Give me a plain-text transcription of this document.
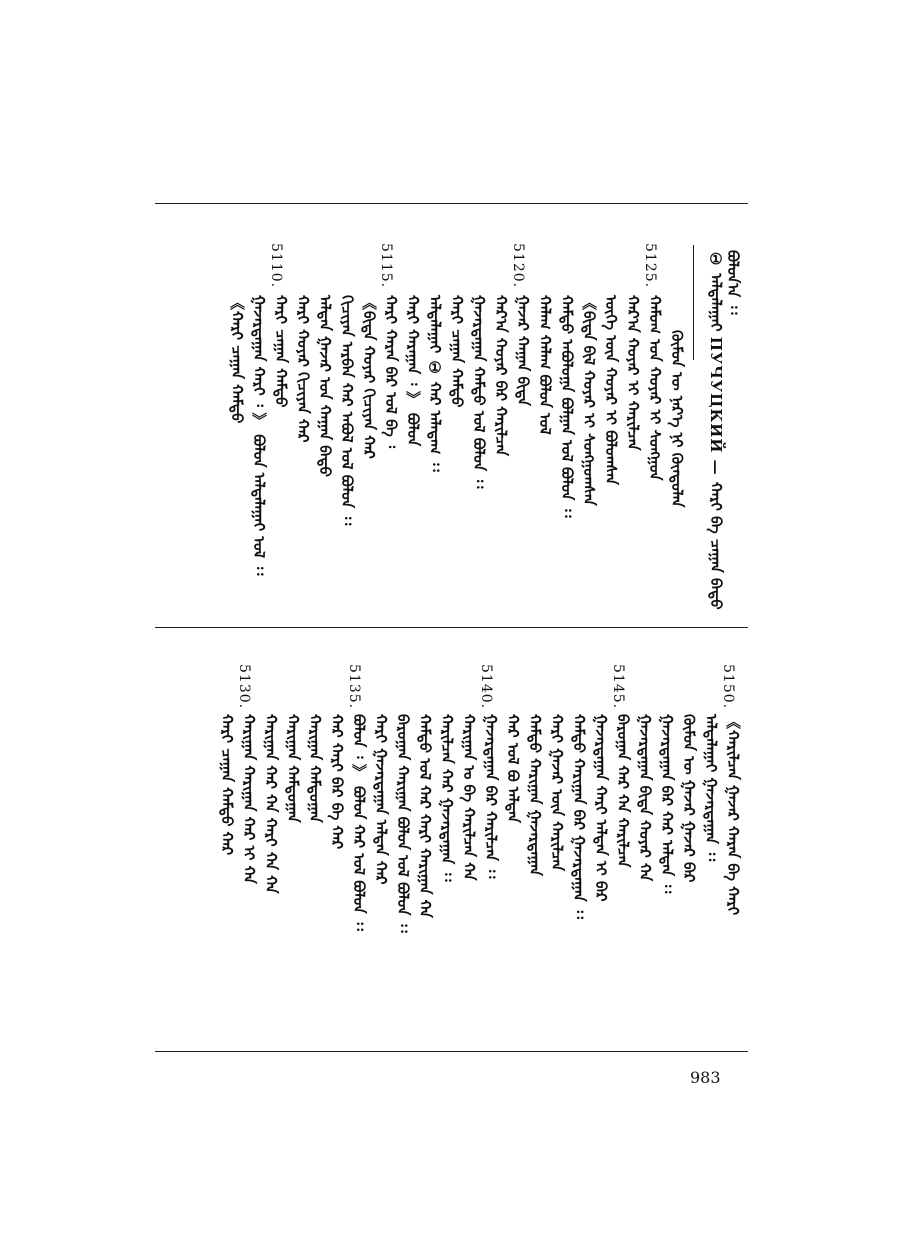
ᠪᠣᠯᠣᠨ᠎ᠠ ᠄᠄
① ᠠᠯᠲᠠᠯᠠᠭᠠᠢ ПУЧУЦКИЙ — ᠬᠠᠷᠢ ᠪᠠ ᠴᠠᠭᠠᠨ ᠪᠠᠲᠤ
ᠬᠦᠮᠦᠨ ᠦ ᠨᠡᠷ᠎ᠡ ᠨᠢ ᠬᠦᠨᠳᠦᠯᠡᠨ
ᠬᠠᠮᠤᠭ ᠤᠨ ᠬᠣᠶᠠᠷ ᠢ ᠰᠣᠩᠭᠣᠨ
ᠬᠠᠷ᠎ᠠ ᠬᠣᠶᠠᠷ ᠢ ᠬᠠᠷᠢᠯᠴᠠᠨ
ᠦᠭᠡ ᠦᠨ ᠬᠣᠶᠠᠷ ᠢ ᠪᠣᠯᠤᠭᠰᠠᠨ
《ᠪᠢᠳᠡ ᠪᠢᠯ ᠬᠣᠶᠠᠷ ᠢ ᠰᠣᠩᠭᠣᠭᠰᠠᠨ
ᠬᠠᠮᠲᠤ ᠠᠪᠤᠯᠤᠭᠠ ᠪᠣᠯᠭᠠᠨ ᠤᠯ ᠪᠣᠯᠤᠨ ᠄᠄
ᠬᠠᠯᠠᠭ ᠬᠠᠯᠠᠭ ᠪᠣᠯᠤᠨ ᠤᠯ
ᠭᠠᠵᠠᠷ ᠬᠠᠭᠠᠨ ᠪᠢᠳᠡ
ᠬᠠᠷ᠎ᠠ ᠬᠣᠶᠠᠷ ᠪᠠᠷ ᠬᠠᠷᠢᠯᠴᠠᠨ
ᠭᠠᠵᠠᠷᠲᠠᠭᠠᠨ ᠬᠠᠮᠲᠤ ᠤᠯ ᠪᠣᠯᠤᠨ ᠄᠄
ᠬᠠᠷᠢ ᠴᠠᠭᠠᠨ ᠬᠠᠮᠲᠤ
ᠠᠯᠲᠠᠯᠠᠭᠠᠢ ① ᠬᠠᠷ ᠠᠯᠠᠳᠠᠭ ᠄᠄
ᠬᠠᠷᠢ ᠬᠠᠷᠠᠭᠠᠨ ᠄ 》 ᠪᠣᠯᠤᠨ
ᠬᠠᠷᠢ ᠬᠠᠷᠠᠨ ᠪᠠᠷ ᠤᠯ ᠪᠠ ᠄
《ᠪᠢᠳᠡ ᠬᠣᠶᠠᠷ ᠬᠢᠴᠢᠶᠡᠨ ᠬᠠᠷ
ᠬᠢᠴᠢᠶᠡᠨ ᠠᠷᠪᠠᠨ ᠬᠠᠷ ᠠᠪᠤᠯ ᠤᠯ ᠪᠣᠯᠤᠨ ᠄᠄
ᠠᠯᠲᠠᠨ ᠭᠠᠵᠠᠷ ᠤᠨ ᠬᠠᠭᠠᠨ ᠪᠠᠲᠤ
ᠬᠠᠷᠢ ᠬᠣᠶᠠᠷ ᠬᠢᠴᠢᠶᠡᠨ ᠬᠠᠷ
ᠬᠠᠷᠢ ᠴᠠᠭᠠᠨ ᠬᠠᠮᠲᠤ
ᠭᠠᠵᠠᠷᠲᠠᠭᠠᠨ ᠬᠠᠷᠢ ᠄ 》 ᠪᠣᠯᠤᠨ ᠠᠯᠲᠠᠯᠠᠭᠠᠢ ᠤᠯ ᠄᠄
《ᠬᠠᠷᠢ ᠴᠠᠭᠠᠨ ᠬᠠᠮᠲᠤ
5125.
5120.
5115.
5110.
《ᠬᠠᠷᠢᠯᠴᠠᠨ ᠭᠠᠵᠠᠷ ᠬᠠᠷᠠᠨ ᠪᠠ ᠬᠠᠷᠢ
ᠠᠯᠲᠠᠯᠠᠭᠠᠢ ᠭᠠᠵᠠᠷᠲᠠᠭᠠᠨ ᠄᠄
ᠬᠦᠮᠦᠨ ᠦ ᠭᠠᠵᠠᠷ ᠭᠠᠵᠠᠷ ᠪᠠᠷ
ᠭᠠᠵᠠᠷᠲᠠᠭᠠᠨ ᠪᠠᠷ ᠬᠠᠷ ᠠᠯᠲᠠᠨ ᠄᠄
ᠭᠠᠵᠠᠷᠲᠠᠭᠠᠨ ᠪᠢᠳᠡ ᠬᠣᠶᠠᠷ ᠬᠠ
ᠪᠠᠷᠤᠭᠠᠨ ᠬᠠᠷ ᠬᠠ ᠬᠠᠷᠢᠯᠴᠠᠨ
ᠭᠠᠵᠠᠷᠲᠠᠭᠠᠨ ᠬᠠᠷᠢ ᠠᠯᠲᠠᠨ ᠢ ᠪᠠᠷ
ᠬᠠᠮᠲᠤ ᠬᠠᠷᠢᠭᠠᠨ ᠪᠠᠷ ᠭᠠᠵᠠᠷᠲᠠᠭᠠᠨ ᠄᠄
ᠬᠠᠷᠢ ᠭᠠᠵᠠᠷ ᠦᠨ ᠬᠠᠷᠢᠯᠴᠠᠨ
ᠬᠠᠮᠲᠤ ᠬᠠᠷᠢᠭᠠᠨ ᠭᠠᠵᠠᠷᠲᠠᠭᠠᠨ
ᠬᠠᠷ ᠤᠯ ᠪᠣ ᠠᠯᠲᠠᠨ
ᠭᠠᠵᠠᠷᠲᠠᠭᠠᠨ ᠪᠠᠷ ᠬᠠᠷᠢᠯᠴᠠᠨ ᠄᠄
ᠬᠠᠷᠢᠭᠠᠨ ᠤ ᠪᠠ ᠬᠠᠷᠢᠯᠴᠠᠨ ᠬᠠ
ᠬᠠᠷᠢᠯᠴᠠᠨ ᠬᠠᠷ ᠭᠠᠵᠠᠷᠲᠠᠭᠠᠨ ᠄᠄
ᠬᠠᠮᠲᠤ ᠤᠯ ᠬᠠᠷ ᠬᠠᠷᠢ ᠬᠠᠷᠢᠭᠠᠨ ᠬᠠ
ᠪᠠᠷᠤᠭᠠᠨ ᠬᠠᠷᠢᠭᠠᠨ ᠪᠣᠯᠤᠨ ᠤᠯ ᠪᠣᠯᠤᠨ ᠄᠄
ᠬᠠᠷᠢ ᠭᠠᠵᠠᠷᠲᠠᠭᠠᠨ ᠠᠯᠲᠠᠨ ᠬᠠᠷ
ᠪᠣᠯᠤᠨ ᠄ 》 ᠪᠣᠯᠤᠨ ᠬᠠᠷ ᠤᠯ ᠪᠣᠯᠤᠨ ᠄᠄
ᠬᠠᠷ ᠬᠠᠷᠢ ᠪᠠᠷ ᠪᠠ ᠬᠠᠷ
ᠬᠠᠷᠢᠭᠠᠨ ᠬᠠᠮᠲᠤᠭᠠᠨ
ᠬᠠᠷᠢᠭᠠᠨ ᠬᠠᠮᠲᠤᠭᠠᠨ
ᠬᠠᠷᠢᠭᠠᠨ ᠬᠠᠷ ᠬᠠ ᠬᠠᠷᠢ ᠬᠠ ᠬᠠ
ᠬᠠᠷᠢᠭᠠᠨ ᠬᠠᠷᠢᠭᠠᠨ ᠬᠠᠷ ᠢ ᠬᠠ
ᠬᠠᠷᠢ ᠴᠠᠭᠠᠨ ᠬᠠᠮᠲᠤ ᠬᠠᠷ
5150.
5145.
5140.
5135.
5130.
983
